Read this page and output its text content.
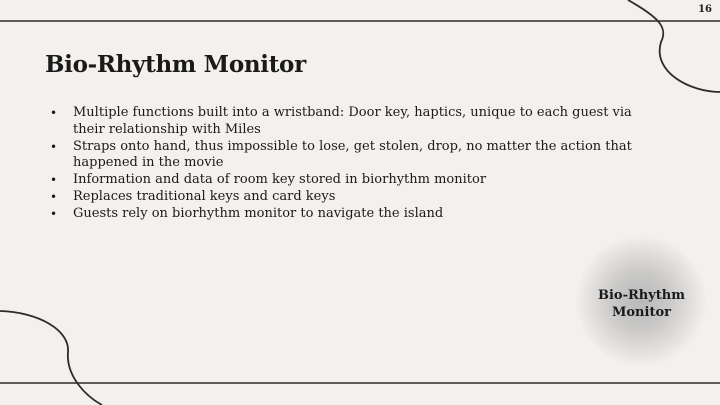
16
Bio-Rhythm Monitor
• Multiple functions built into a wristband: Door key, haptics, unique to each guest via their relationship with Miles
• Straps onto hand, thus impossible to lose, get stolen, drop, no matter the action that happened in the movie
• Information and data of room key stored in biorhythm monitor
• Replaces traditional keys and card keys
• Guests rely on biorhythm monitor to navigate the island
Bio-Rhythm Monitor
